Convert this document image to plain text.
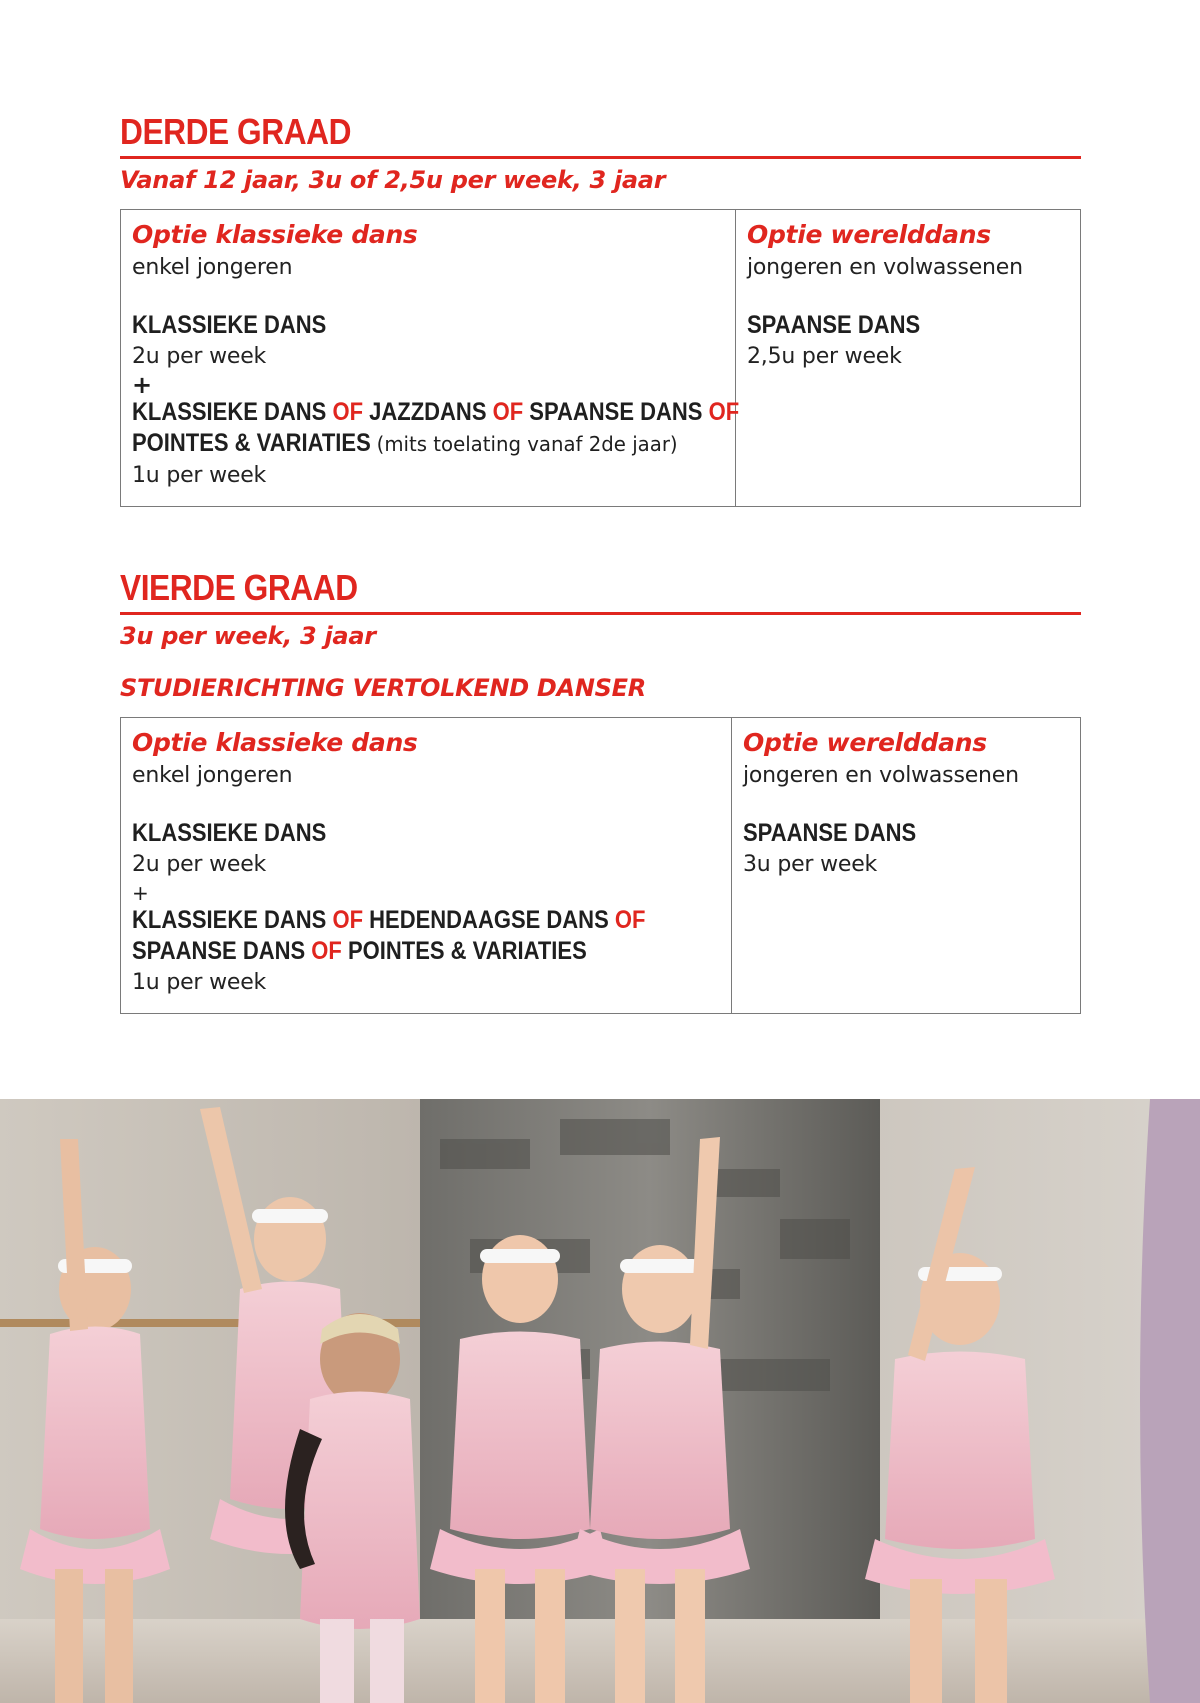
DERDE GRAAD
Vanaf 12 jaar, 3u of 2,5u per week, 3 jaar
Optie klassieke dans
enkel jongeren
KLASSIEKE DANS
2u per week
+
KLASSIEKE DANS OF JAZZDANS OF SPAANSE DANS OF
POINTES & VARIATIES (mits toelating vanaf 2de jaar)
1u per week

Optie werelddans
jongeren en volwassenen
SPAANSE DANS
2,5u per week
VIERDE GRAAD
3u per week, 3 jaar
STUDIERICHTING VERTOLKEND DANSER
Optie klassieke dans
enkel jongeren
KLASSIEKE DANS
2u per week
+
KLASSIEKE DANS OF HEDENDAAGSE DANS OF
SPAANSE DANS OF POINTES & VARIATIES
1u per week

Optie werelddans
jongeren en volwassenen
SPAANSE DANS
3u per week
